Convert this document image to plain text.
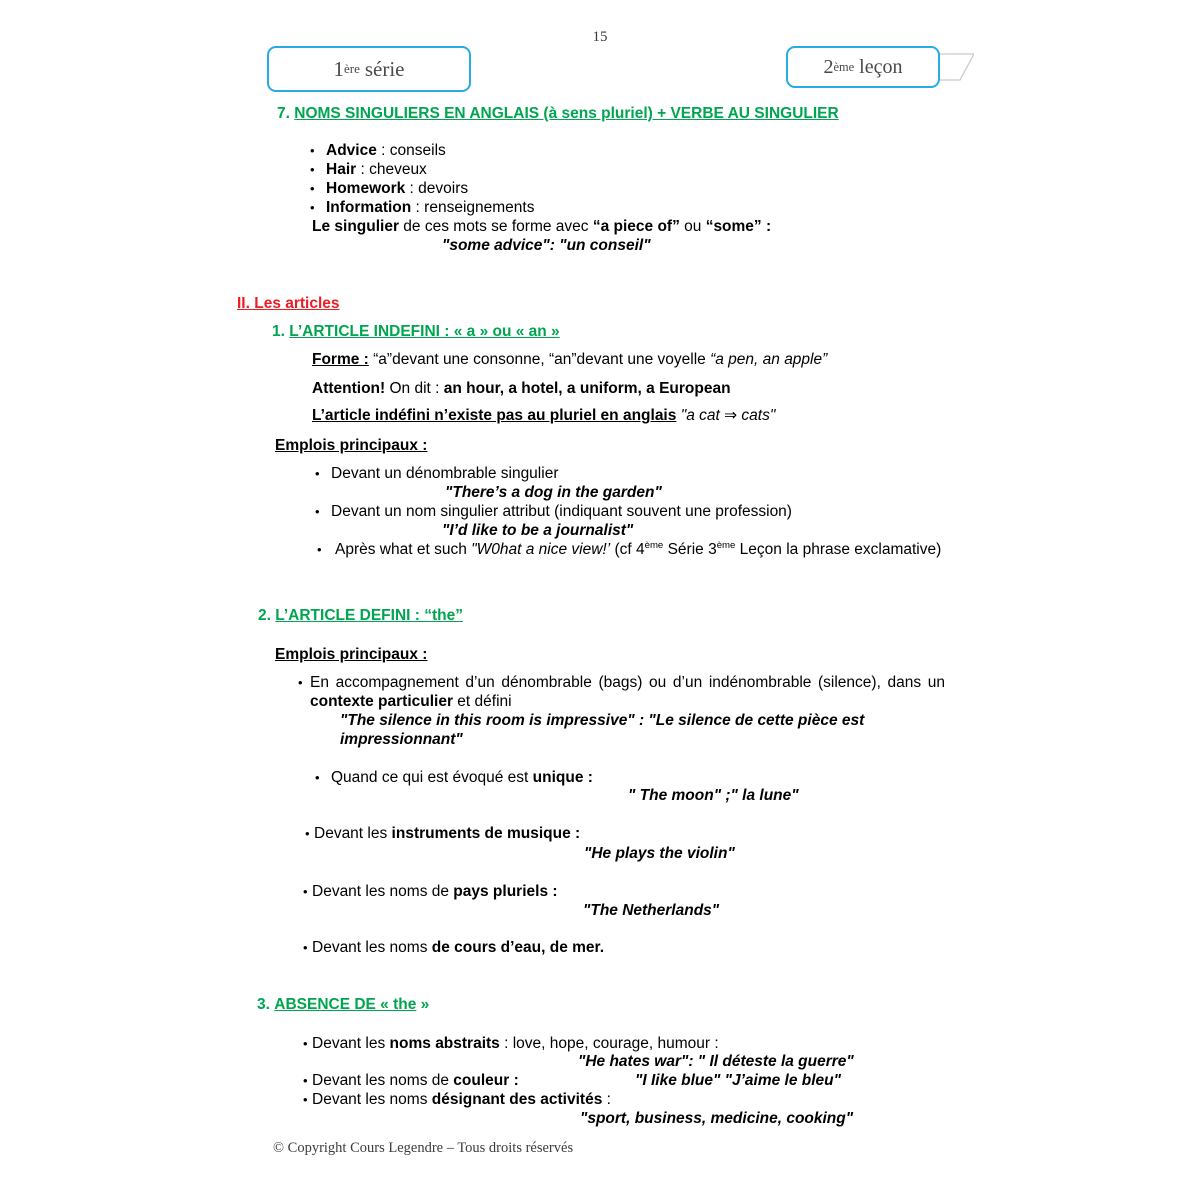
15
1 ère série	2 ème leçon
7. NOMS SINGULIERS EN ANGLAIS (à sens pluriel) + VERBE AU SINGULIER
• Advice : conseils
• Hair : cheveux
• Homework : devoirs
• Information : renseignements
Le singulier de ces mots se forme avec “a piece of” ou “some” :
"some advice": "un conseil"
II. Les articles
1. L’ARTICLE INDEFINI : « a » ou « an »
Forme : “a”devant une consonne, “an”devant une voyelle “a pen, an apple”
Attention! On dit : an hour, a hotel, a uniform, a European
L’article indéfini n’existe pas au pluriel en anglais "a cat ⇒ cats"
Emplois principaux :
• Devant un dénombrable singulier
"There’s a dog in the garden"
• Devant un nom singulier attribut (indiquant souvent une profession)
"I’d like to be a journalist"
• Après what et such "W0hat a nice view!’ (cf 4ème Série 3ème Leçon la phrase exclamative)
2. L’ARTICLE DEFINI : “the”
Emplois principaux :
• En accompagnement d’un dénombrable (bags) ou d’un indénombrable (silence), dans un contexte particulier et défini
"The silence in this room is impressive" : "Le silence de cette pièce est impressionnant"
• Quand ce qui est évoqué est unique :
" The moon" ;" la lune"
• Devant les instruments de musique :
"He plays the violin"
• Devant les noms de pays pluriels :
"The Netherlands"
• Devant les noms de cours d’eau, de mer.
3. ABSENCE DE « the »
• Devant les noms abstraits : love, hope, courage, humour :
"He hates war": " Il déteste la guerre"
• Devant les noms de couleur :	"I Iike blue" "J’aime le bleu"
• Devant les noms désignant des activités :
"sport, business, medicine, cooking"
© Copyright Cours Legendre – Tous droits réservés
